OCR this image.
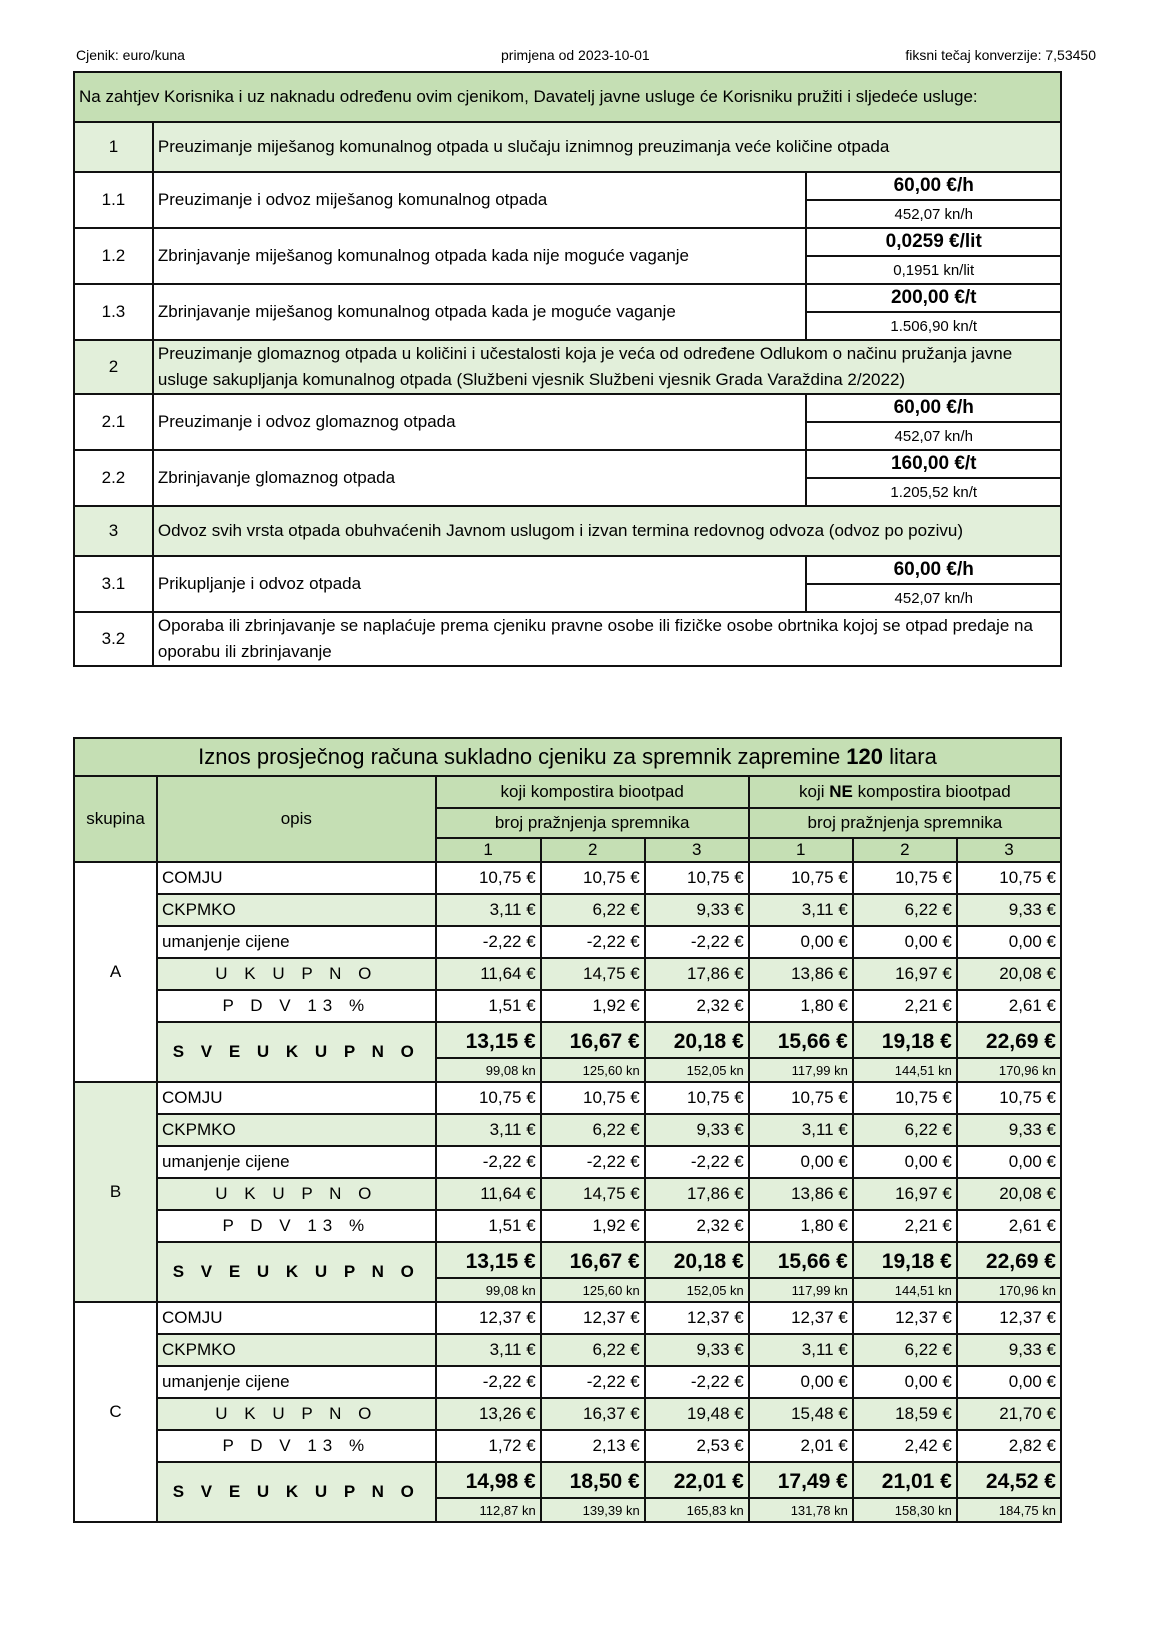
Cjenik: euro/kuna	primjena od 2023-10-01	fiksni tečaj konverzije: 7,53450
Na zahtjev Korisnika i uz naknadu određenu ovim cjenikom, Davatelj javne usluge će Korisniku pružiti i sljedeće usluge:		
1	Preuzimanje miješanog komunalnog otpada u slučaju iznimnog preuzimanja veće količine otpada	
1.1	Preuzimanje i odvoz miješanog komunalnog otpada	60,00 €/h
		452,07 kn/h
1.2	Zbrinjavanje miješanog komunalnog otpada kada nije moguće vaganje	0,0259 €/lit
		0,1951 kn/lit
1.3	Zbrinjavanje miješanog komunalnog otpada kada je moguće vaganje	200,00 €/t
		1.506,90 kn/t
2	Preuzimanje glomaznog otpada u količini i učestalosti koja je veća od određene Odlukom o načinu pružanja javne usluge sakupljanja komunalnog otpada (Službeni vjesnik Službeni vjesnik Grada Varaždina 2/2022)	
2.1	Preuzimanje i odvoz glomaznog otpada	60,00 €/h
		452,07 kn/h
2.2	Zbrinjavanje glomaznog otpada	160,00 €/t
		1.205,52 kn/t
3	Odvoz svih vrsta otpada obuhvaćenih Javnom uslugom i izvan termina redovnog odvoza (odvoz po pozivu)	
3.1	Prikupljanje i odvoz otpada	60,00 €/h
		452,07 kn/h
3.2	Oporaba ili zbrinjavanje se naplaćuje prema cjeniku pravne osobe ili fizičke osobe obrtnika kojoj se otpad predaje na oporabu ili zbrinjavanje	
Iznos prosječnog računa sukladno cjeniku za spremnik zapremine 120 litara							
skupina	opis	koji kompostira biootpad			koji NE kompostira biootpad		
		broj pražnjenja spremnika			broj pražnjenja spremnika		
		1	2	3	1	2	3
A	COMJU	10,75 €	10,75 €	10,75 €	10,75 €	10,75 €	10,75 €
	CKPMKO	3,11 €	6,22 €	9,33 €	3,11 €	6,22 €	9,33 €
	umanjenje cijene	-2,22 €	-2,22 €	-2,22 €	0,00 €	0,00 €	0,00 €
	U K U P N O	11,64 €	14,75 €	17,86 €	13,86 €	16,97 €	20,08 €
	P D V 13 %	1,51 €	1,92 €	2,32 €	1,80 €	2,21 €	2,61 €
	S V E U K U P N O	13,15 €	16,67 €	20,18 €	15,66 €	19,18 €	22,69 €
		99,08 kn	125,60 kn	152,05 kn	117,99 kn	144,51 kn	170,96 kn
B	COMJU	10,75 €	10,75 €	10,75 €	10,75 €	10,75 €	10,75 €
	CKPMKO	3,11 €	6,22 €	9,33 €	3,11 €	6,22 €	9,33 €
	umanjenje cijene	-2,22 €	-2,22 €	-2,22 €	0,00 €	0,00 €	0,00 €
	U K U P N O	11,64 €	14,75 €	17,86 €	13,86 €	16,97 €	20,08 €
	P D V 13 %	1,51 €	1,92 €	2,32 €	1,80 €	2,21 €	2,61 €
	S V E U K U P N O	13,15 €	16,67 €	20,18 €	15,66 €	19,18 €	22,69 €
		99,08 kn	125,60 kn	152,05 kn	117,99 kn	144,51 kn	170,96 kn
C	COMJU	12,37 €	12,37 €	12,37 €	12,37 €	12,37 €	12,37 €
	CKPMKO	3,11 €	6,22 €	9,33 €	3,11 €	6,22 €	9,33 €
	umanjenje cijene	-2,22 €	-2,22 €	-2,22 €	0,00 €	0,00 €	0,00 €
	U K U P N O	13,26 €	16,37 €	19,48 €	15,48 €	18,59 €	21,70 €
	P D V 13 %	1,72 €	2,13 €	2,53 €	2,01 €	2,42 €	2,82 €
	S V E U K U P N O	14,98 €	18,50 €	22,01 €	17,49 €	21,01 €	24,52 €
		112,87 kn	139,39 kn	165,83 kn	131,78 kn	158,30 kn	184,75 kn
